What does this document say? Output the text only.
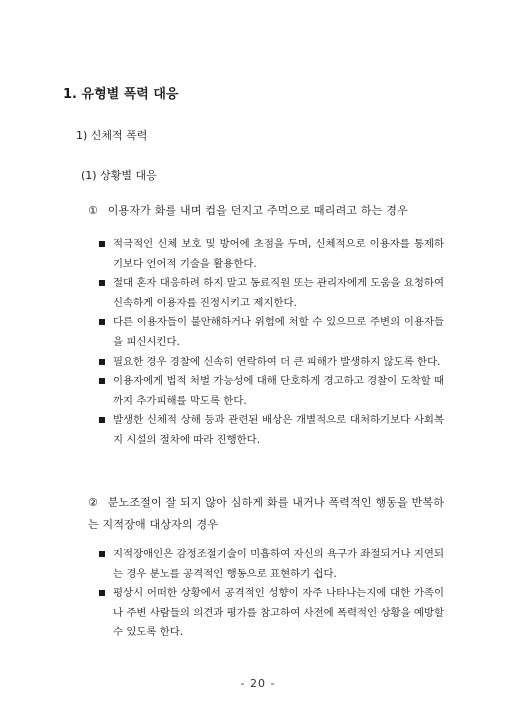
1. 유형별 폭력 대응
1) 신체적 폭력
(1) 상황별 대응
① 이용자가 화를 내며 컵을 던지고 주먹으로 때리려고 하는 경우
적극적인 신체 보호 및 방어에 초점을 두며, 신체적으로 이용자를 통제하기보다 언어적 기술을 활용한다.
절대 혼자 대응하려 하지 말고 동료직원 또는 관리자에게 도움을 요청하여 신속하게 이용자를 진정시키고 제지한다.
다른 이용자들이 불안해하거나 위험에 처할 수 있으므로 주변의 이용자들을 피신시킨다.
필요한 경우 경찰에 신속히 연락하여 더 큰 피해가 발생하지 않도록 한다.
이용자에게 법적 처벌 가능성에 대해 단호하게 경고하고 경찰이 도착할 때까지 추가피해를 막도록 한다.
발생한 신체적 상해 등과 관련된 배상은 개별적으로 대처하기보다 사회복지 시설의 절차에 따라 진행한다.
② 분노조절이 잘 되지 않아 심하게 화를 내거나 폭력적인 행동을 반복하는 지적장애 대상자의 경우
지적장애인은 감정조절기술이 미흡하여 자신의 욕구가 좌절되거나 지연되는 경우 분노를 공격적인 행동으로 표현하기 쉽다.
평상시 어떠한 상황에서 공격적인 성향이 자주 나타나는지에 대한 가족이나 주변 사람들의 의견과 평가를 참고하여 사전에 폭력적인 상황을 예방할 수 있도록 한다.
- 20 -
